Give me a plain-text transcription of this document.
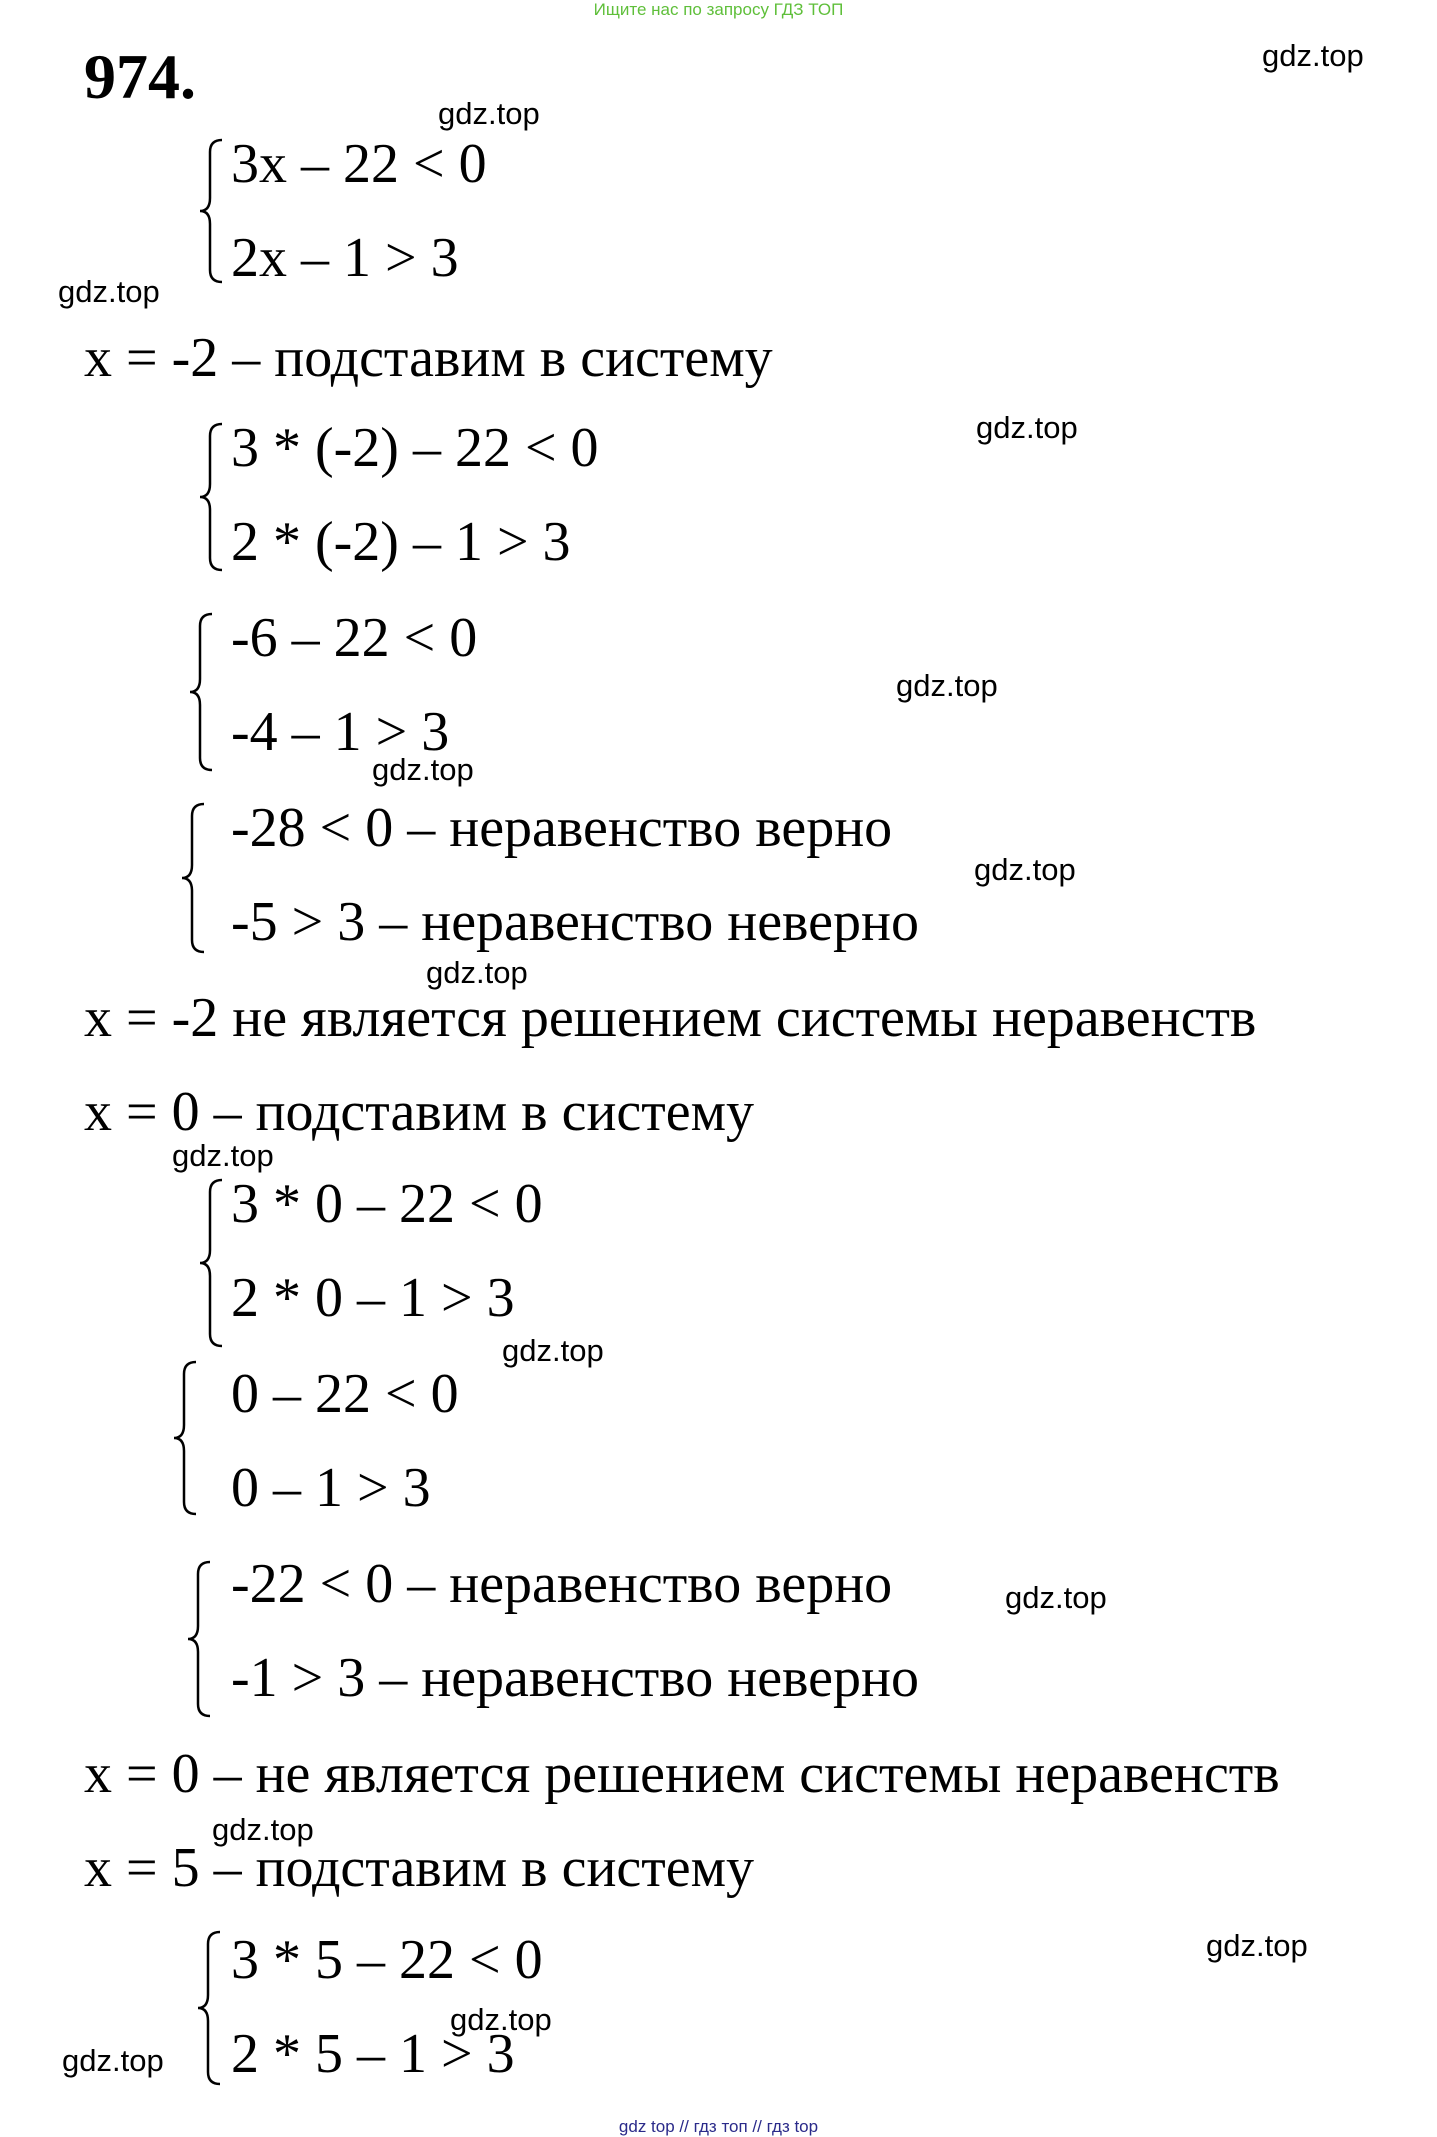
Ищите нас по запросу ГДЗ ТОП
974.	gdz.top
gdz.top
gdz.top
gdz.top
gdz.top
gdz.top
gdz.top
gdz.top
gdz.top
gdz.top
gdz.top
gdz.top
gdz.top
gdz.top
gdz.top
3x – 22 < 0
2x – 1 > 3
x = -2 – подставим в систему
3 * (-2) – 22 < 0
2 * (-2) – 1 > 3
-6 – 22 < 0
-4 – 1 > 3
-28 < 0 – неравенство верно
-5 > 3 – неравенство неверно
x = -2 не является решением системы неравенств
x = 0 – подставим в систему
3 * 0 – 22 < 0
2 * 0 – 1 > 3
0 – 22 < 0
0 – 1 > 3
-22 < 0 – неравенство верно
-1 > 3 – неравенство неверно
x = 0 – не является решением системы неравенств
x = 5 – подставим в систему
3 * 5 – 22 < 0
2 * 5 – 1 > 3
gdz top // гдз топ // гдз top
